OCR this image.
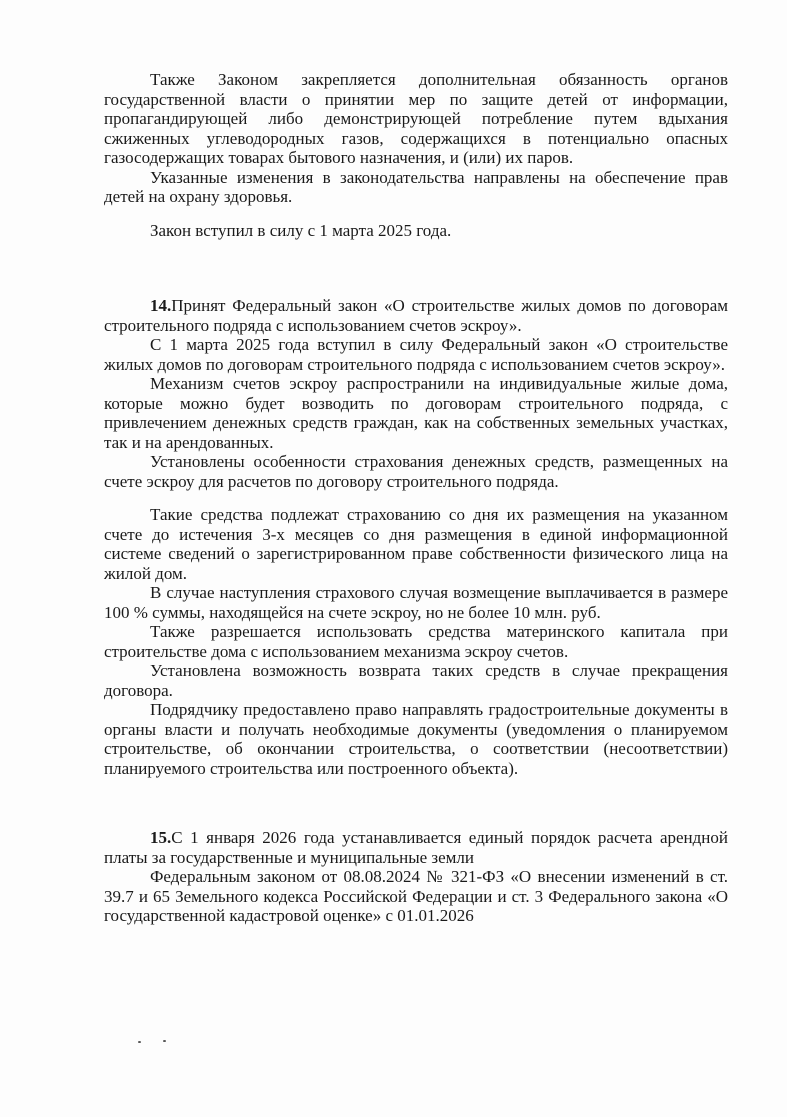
Также Законом закрепляется дополнительная обязанность органов государственной власти о принятии мер по защите детей от информации, пропагандирующей либо демонстрирующей потребление путем вдыхания сжиженных углеводородных газов, содержащихся в потенциально опасных газосодержащих товарах бытового назначения, и (или) их паров.

Указанные изменения в законодательства направлены на обеспечение прав детей на охрану здоровья.

Закон вступил в силу с 1 марта 2025 года.

14.Принят Федеральный закон «О строительстве жилых домов по договорам строительного подряда с использованием счетов эскроу».

С 1 марта 2025 года вступил в силу Федеральный закон «О строительстве жилых домов по договорам строительного подряда с использованием счетов эскроу».

Механизм счетов эскроу распространили на индивидуальные жилые дома, которые можно будет возводить по договорам строительного подряда, с привлечением денежных средств граждан, как на собственных земельных участках, так и на арендованных.

Установлены особенности страхования денежных средств, размещенных на счете эскроу для расчетов по договору строительного подряда.

Такие средства подлежат страхованию со дня их размещения на указанном счете до истечения 3-х месяцев со дня размещения в единой информационной системе сведений о зарегистрированном праве собственности физического лица на жилой дом.

В случае наступления страхового случая возмещение выплачивается в размере 100 % суммы, находящейся на счете эскроу, но не более 10 млн. руб.

Также разрешается использовать средства материнского капитала при строительстве дома с использованием механизма эскроу счетов.

Установлена возможность возврата таких средств в случае прекращения договора.

Подрядчику предоставлено право направлять градостроительные документы в органы власти и получать необходимые документы (уведомления о планируемом строительстве, об окончании строительства, о соответствии (несоответствии) планируемого строительства или построенного объекта).

15.С 1 января 2026 года устанавливается единый порядок расчета арендной платы за государственные и муниципальные земли

Федеральным законом от 08.08.2024 № 321-ФЗ «О внесении изменений в ст. 39.7 и 65 Земельного кодекса Российской Федерации и ст. 3 Федерального закона «О государственной кадастровой оценке» с 01.01.2026
